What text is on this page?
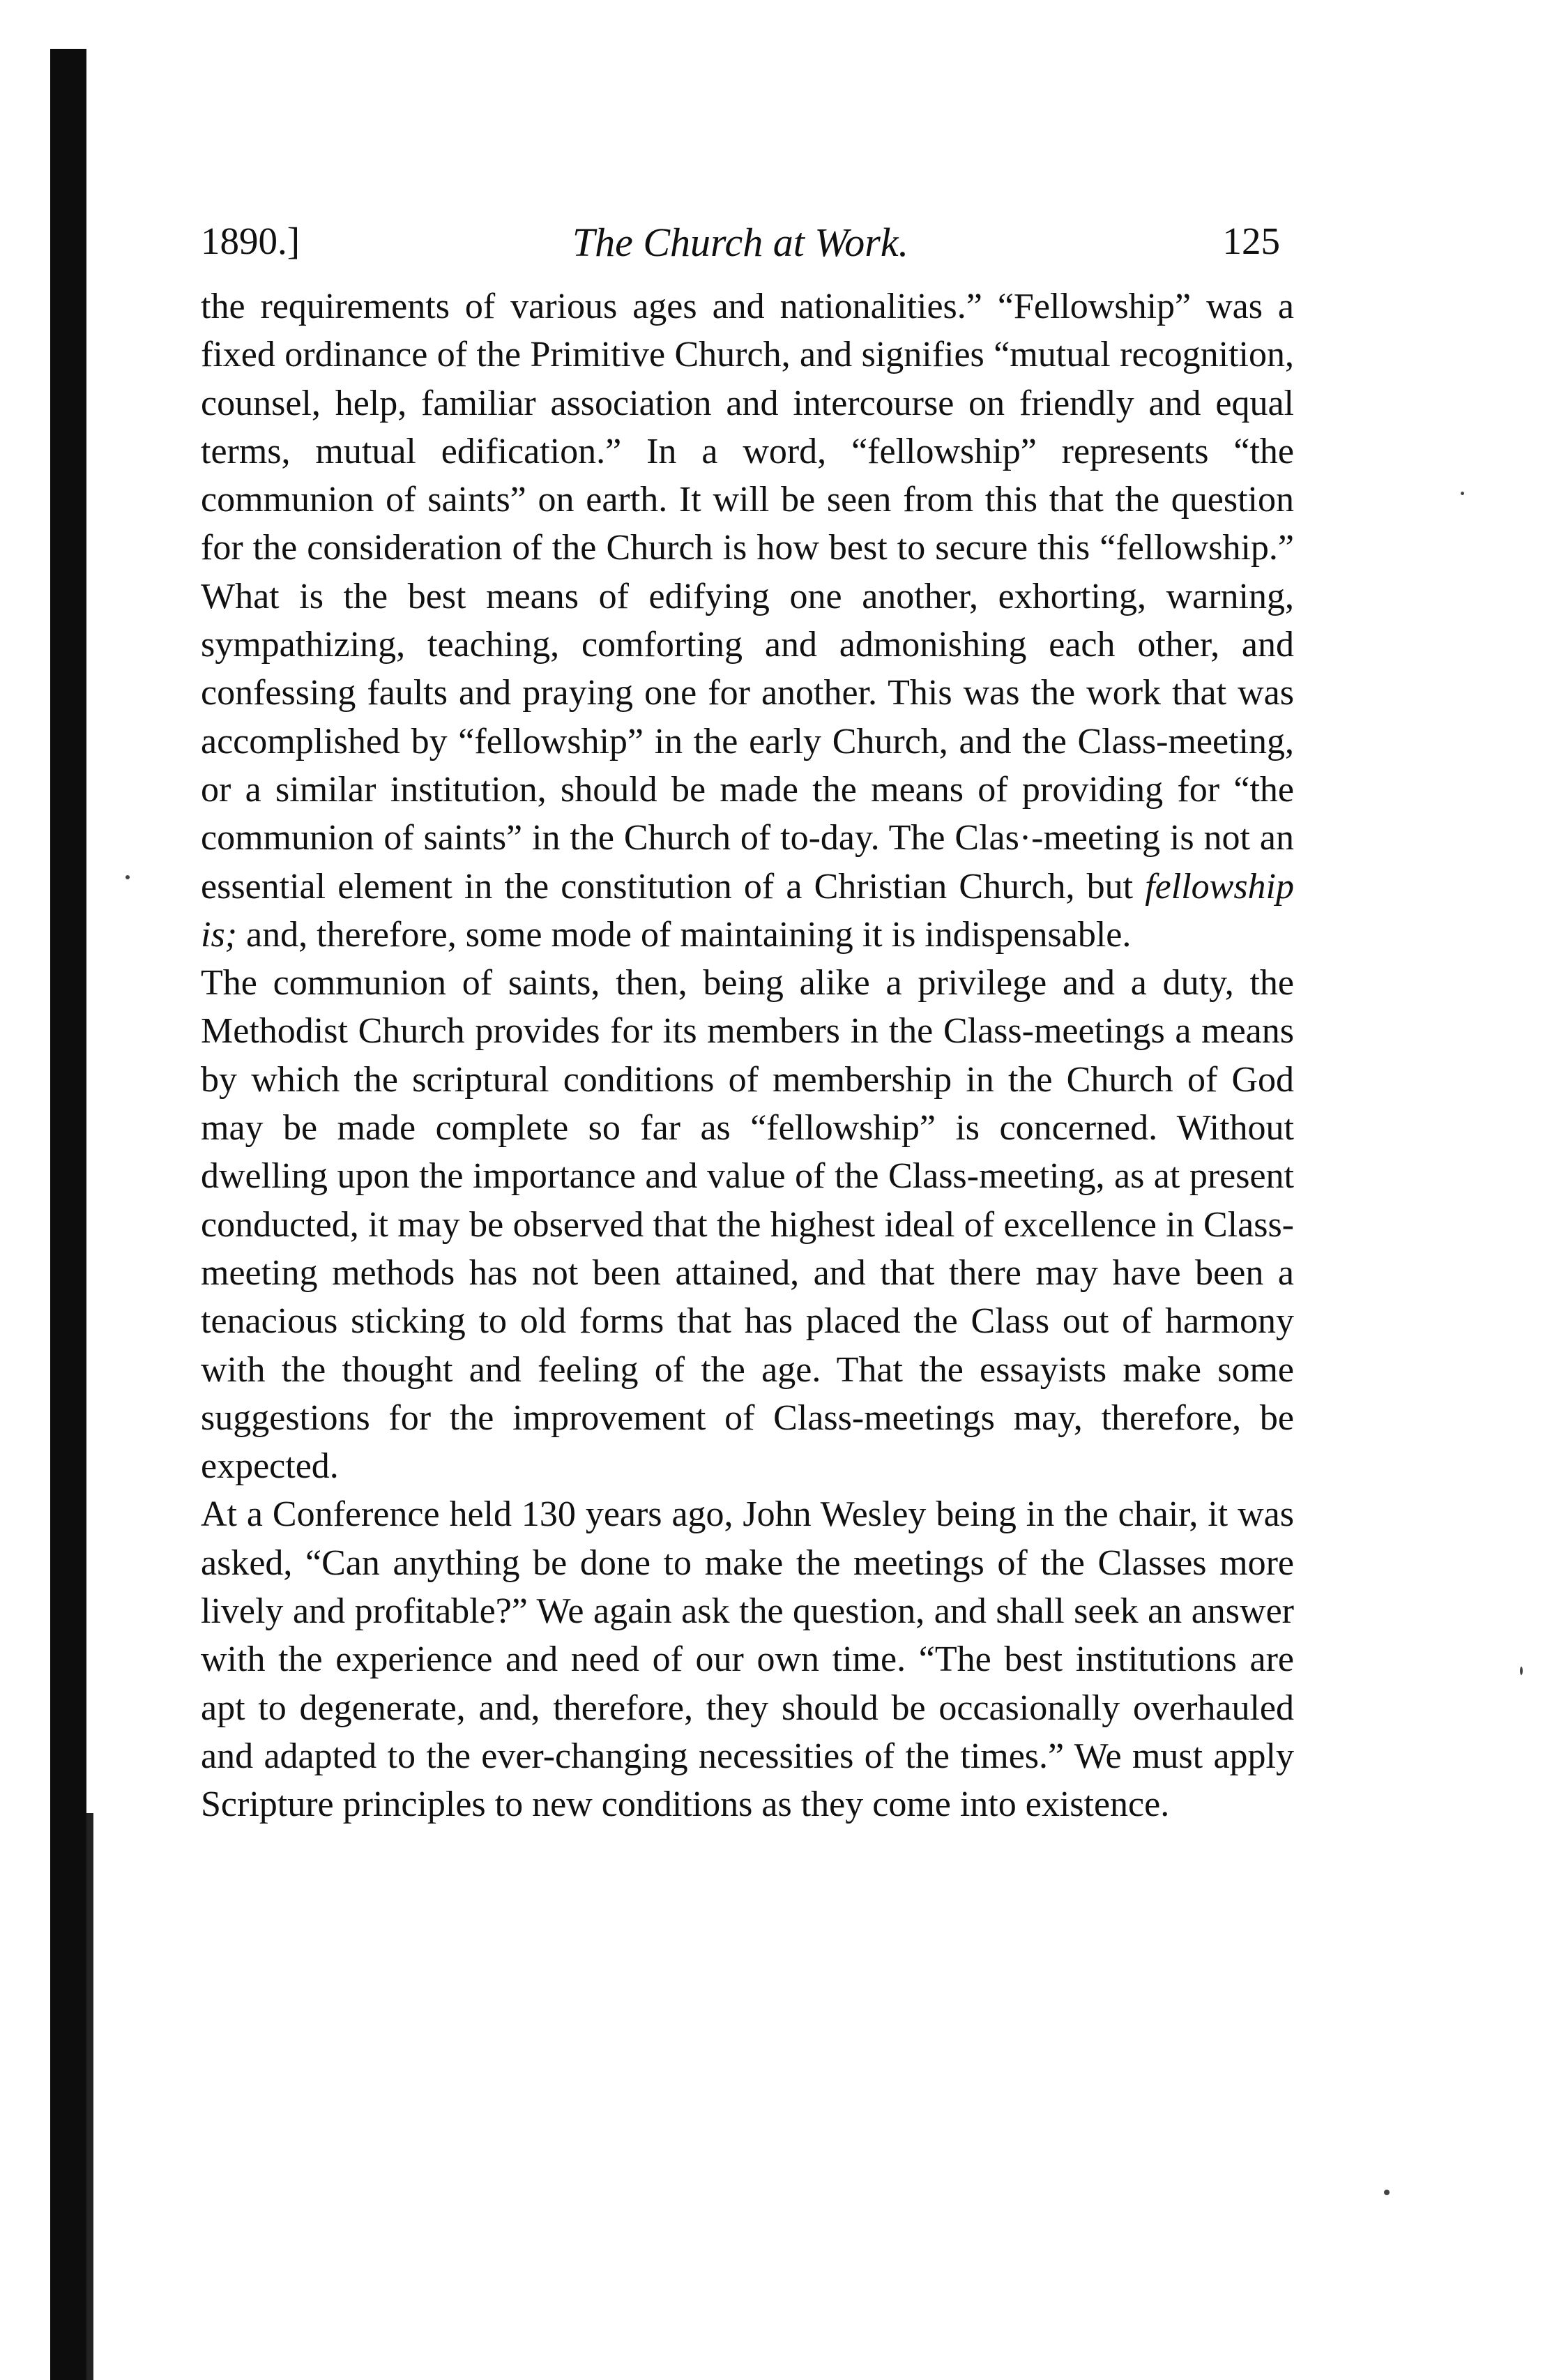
1890.]	The Church at Work.	125

the requirements of various ages and nationalities.” “Fellowship” was a fixed ordinance of the Primitive Church, and signifies “mutual recognition, counsel, help, familiar association and intercourse on friendly and equal terms, mutual edification.” In a word, “fellowship” represents “the communion of saints” on earth. It will be seen from this that the question for the consideration of the Church is how best to secure this “fellowship.” What is the best means of edifying one another, exhorting, warning, sympathizing, teaching, comforting and admonishing each other, and confessing faults and praying one for another. This was the work that was accomplished by “fellowship” in the early Church, and the Class-meeting, or a similar institution, should be made the means of providing for “the communion of saints” in the Church of to-day. The Clas·-meeting is not an essential element in the constitution of a Christian Church, but fellowship is; and, therefore, some mode of maintaining it is indispensable.

The communion of saints, then, being alike a privilege and a duty, the Methodist Church provides for its members in the Class-meetings a means by which the scriptural conditions of membership in the Church of God may be made complete so far as “fellowship” is concerned. Without dwelling upon the importance and value of the Class-meeting, as at present conducted, it may be observed that the highest ideal of excellence in Class-meeting methods has not been attained, and that there may have been a tenacious sticking to old forms that has placed the Class out of harmony with the thought and feeling of the age. That the essayists make some suggestions for the improvement of Class-meetings may, therefore, be expected.

At a Conference held 130 years ago, John Wesley being in the chair, it was asked, “Can anything be done to make the meetings of the Classes more lively and profitable?” We again ask the question, and shall seek an answer with the experience and need of our own time. “The best institutions are apt to degenerate, and, therefore, they should be occasionally overhauled and adapted to the ever-changing necessities of the times.” We must apply Scripture principles to new conditions as they come into existence.
